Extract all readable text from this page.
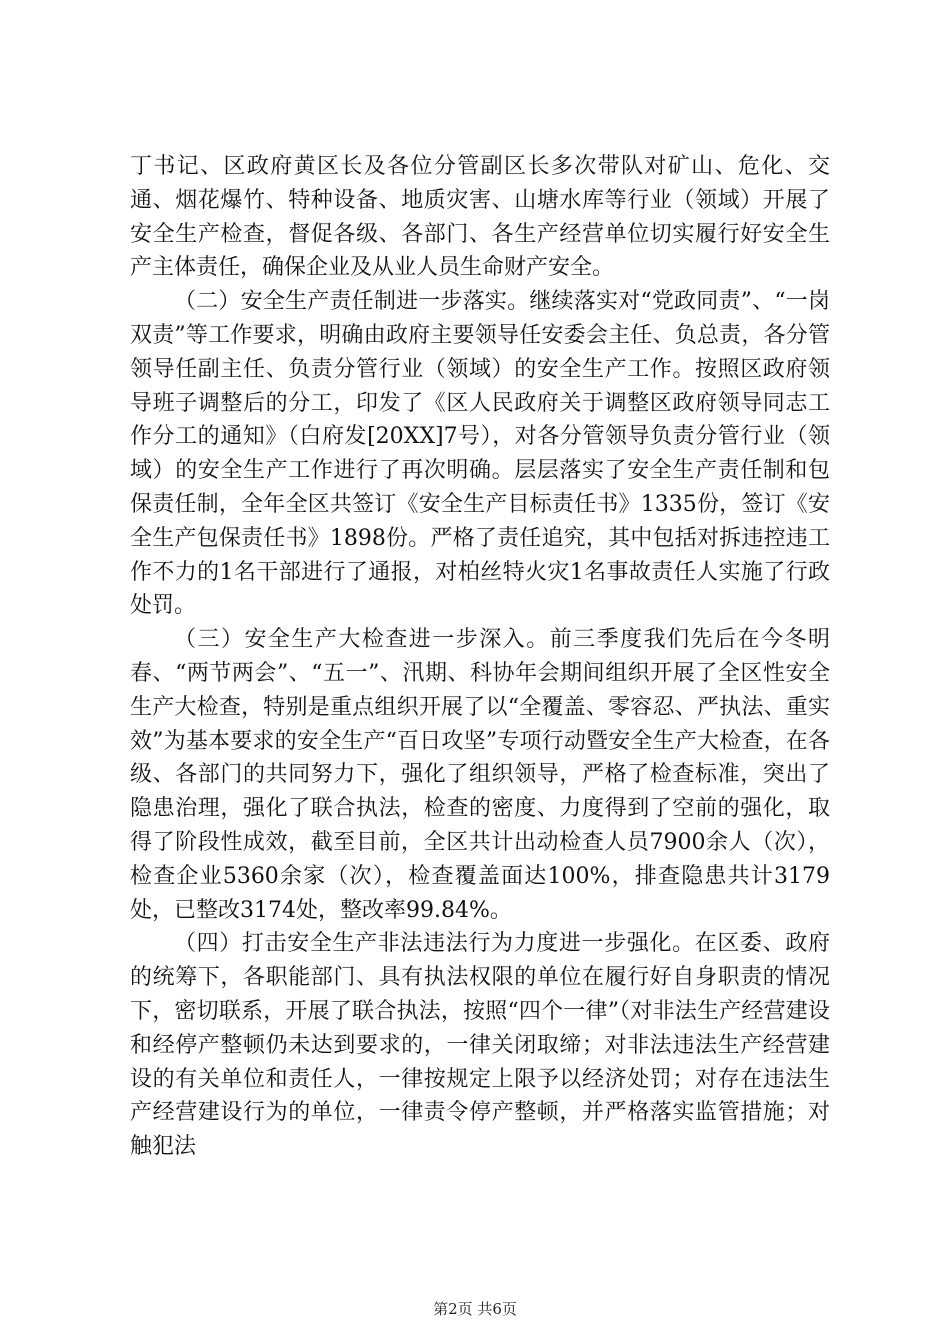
丁书记、区政府黄区长及各位分管副区长多次带队对矿山、危化、交通、烟花爆竹、特种设备、地质灾害、山塘水库等行业（领域）开展了安全生产检查，督促各级、各部门、各生产经营单位切实履行好安全生产主体责任，确保企业及从业人员生命财产安全。

（二）安全生产责任制进一步落实。继续落实对“党政同责”、“一岗双责”等工作要求，明确由政府主要领导任安委会主任、负总责，各分管领导任副主任、负责分管行业（领域）的安全生产工作。按照区政府领导班子调整后的分工，印发了《区人民政府关于调整区政府领导同志工作分工的通知》（白府发[20XX]7号），对各分管领导负责分管行业（领域）的安全生产工作进行了再次明确。层层落实了安全生产责任制和包保责任制，全年全区共签订《安全生产目标责任书》1335份，签订《安全生产包保责任书》1898份。严格了责任追究，其中包括对拆违控违工作不力的1名干部进行了通报，对柏丝特火灾1名事故责任人实施了行政处罚。

（三）安全生产大检查进一步深入。前三季度我们先后在今冬明春、“两节两会”、“五一”、汛期、科协年会期间组织开展了全区性安全生产大检查，特别是重点组织开展了以“全覆盖、零容忍、严执法、重实效”为基本要求的安全生产“百日攻坚”专项行动暨安全生产大检查，在各级、各部门的共同努力下，强化了组织领导，严格了检查标准，突出了隐患治理，强化了联合执法，检查的密度、力度得到了空前的强化，取得了阶段性成效，截至目前，全区共计出动检查人员7900余人（次），检查企业5360余家（次），检查覆盖面达100%，排查隐患共计3179处，已整改3174处，整改率99.84%。

（四）打击安全生产非法违法行为力度进一步强化。在区委、政府的统筹下，各职能部门、具有执法权限的单位在履行好自身职责的情况下，密切联系，开展了联合执法，按照“四个一律”（对非法生产经营建设和经停产整顿仍未达到要求的，一律关闭取缔；对非法违法生产经营建设的有关单位和责任人，一律按规定上限予以经济处罚；对存在违法生产经营建设行为的单位，一律责令停产整顿，并严格落实监管措施；对触犯法

第2页 共6页
